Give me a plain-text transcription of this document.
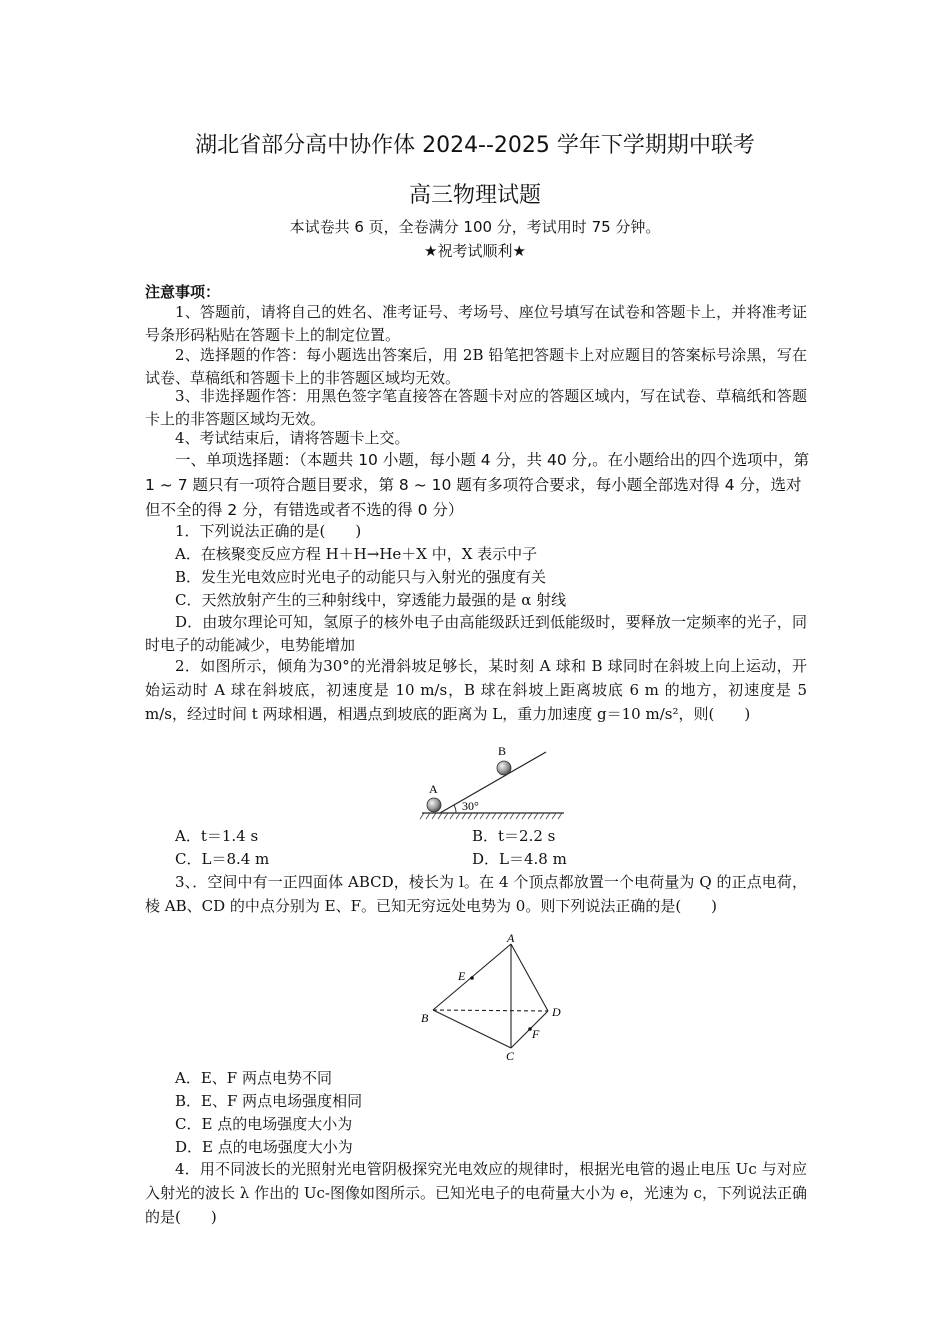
湖北省部分高中协作体 2024--2025 学年下学期期中联考
高三物理试题
本试卷共 6 页，全卷满分 100 分，考试用时 75 分钟。
★祝考试顺利★
注意事项：
1、答题前，请将自己的姓名、准考证号、考场号、座位号填写在试卷和答题卡上，并将准考证号条形码粘贴在答题卡上的制定位置。
2、选择题的作答：每小题选出答案后，用 2B 铅笔把答题卡上对应题目的答案标号涂黑，写在试卷、草稿纸和答题卡上的非答题区域均无效。
3、非选择题作答：用黑色签字笔直接答在答题卡对应的答题区域内，写在试卷、草稿纸和答题卡上的非答题区域均无效。
4、考试结束后，请将答题卡上交。
一、单项选择题：（本题共 10 小题，每小题 4 分，共 40 分,。在小题给出的四个选项中，第 1 ~ 7 题只有一项符合题目要求，第 8 ~ 10 题有多项符合要求，每小题全部选对得 4 分，选对但不全的得 2 分，有错选或者不选的得 0 分）
1．下列说法正确的是(　　)
A．在核聚变反应方程 H＋H→He＋X 中，X 表示中子
B．发生光电效应时光电子的动能只与入射光的强度有关
C．天然放射产生的三种射线中，穿透能力最强的是 α 射线
D．由玻尔理论可知，氢原子的核外电子由高能级跃迁到低能级时，要释放一定频率的光子，同时电子的动能减少，电势能增加
2．如图所示，倾角为30°的光滑斜坡足够长，某时刻 A 球和 B 球同时在斜坡上向上运动，开始运动时 A 球在斜坡底，初速度是 10 m/s，B 球在斜坡上距离坡底 6 m 的地方，初速度是 5 m/s，经过时间 t 两球相遇，相遇点到坡底的距离为 L，重力加速度 g＝10 m/s²，则(　　)
30°
A
B
A．t＝1.4 s	B．t＝2.2 s
C．L＝8.4 m	D．L＝4.8 m
3、．空间中有一正四面体 ABCD，棱长为 l。在 4 个顶点都放置一个电荷量为 Q 的正点电荷，棱 AB、CD 的中点分别为 E、F。已知无穷远处电势为 0。则下列说法正确的是(　　)
A
B
C
D
E
F
A．E、F 两点电势不同
B．E、F 两点电场强度相同
C．E 点的电场强度大小为
D．E 点的电场强度大小为
4．用不同波长的光照射光电管阴极探究光电效应的规律时，根据光电管的遏止电压 Uc 与对应入射光的波长 λ 作出的 Uc-图像如图所示。已知光电子的电荷量大小为 e，光速为 c，下列说法正确的是(　　)
